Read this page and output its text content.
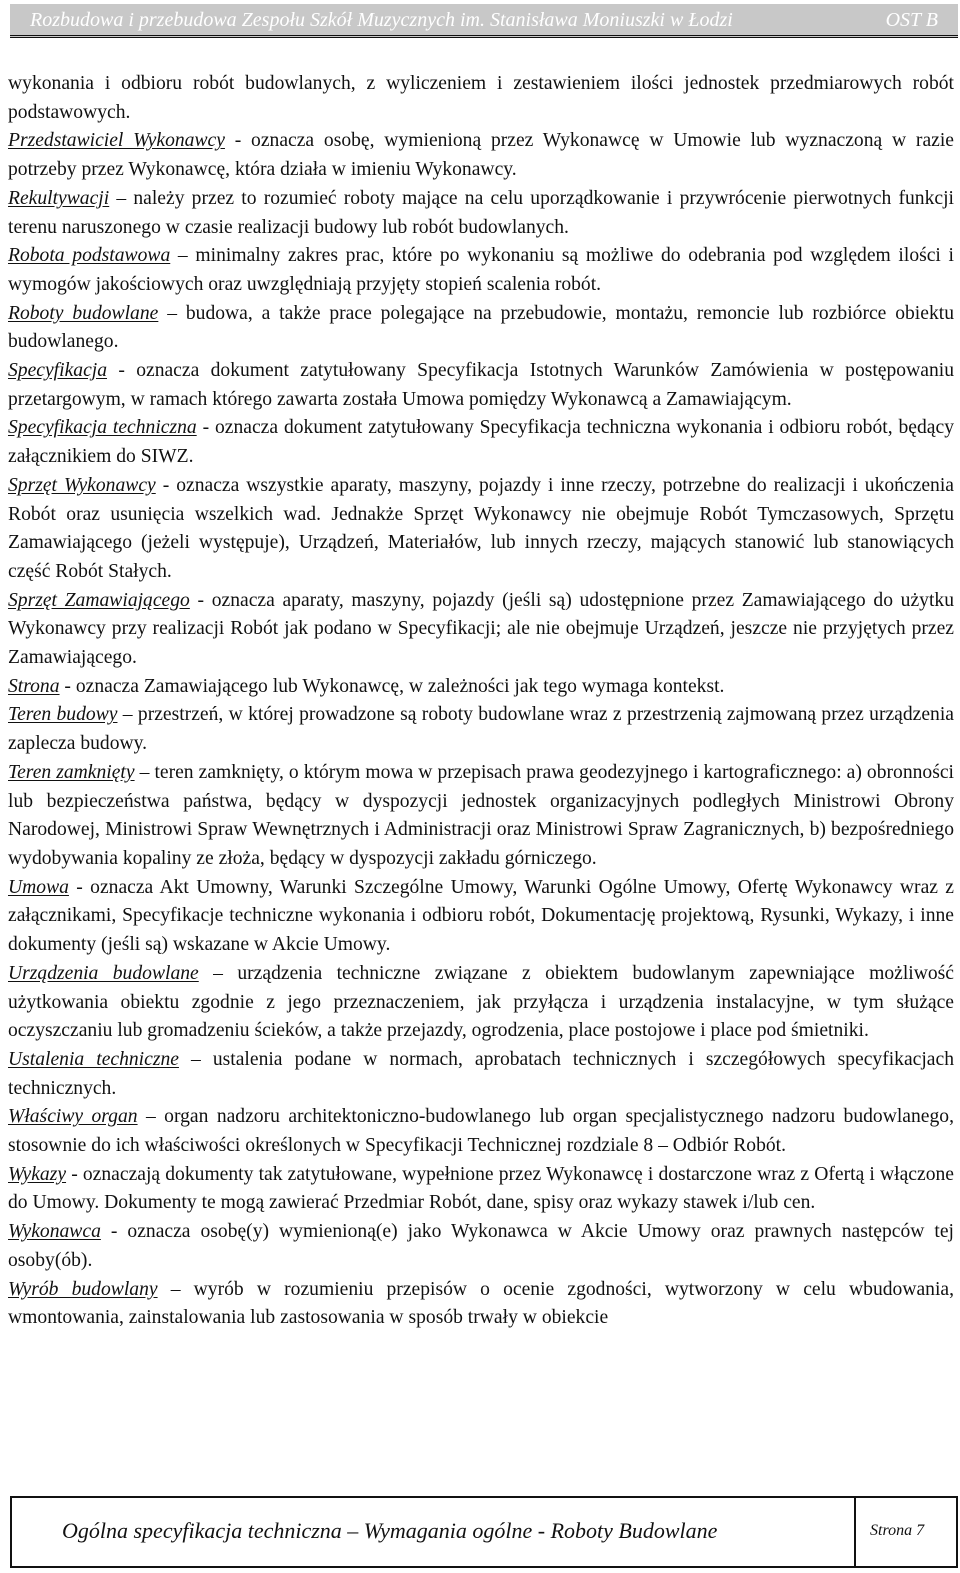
Rozbudowa i przebudowa Zespołu Szkół Muzycznych im. Stanisława Moniuszki w Łodzi	OST B

wykonania i odbioru robót budowlanych, z wyliczeniem i zestawieniem ilości jednostek przedmiarowych robót podstawowych.

Przedstawiciel Wykonawcy - oznacza osobę, wymienioną przez Wykonawcę w Umowie lub wyznaczoną w razie potrzeby przez Wykonawcę, która działa w imieniu Wykonawcy.

Rekultywacji – należy przez to rozumieć roboty mające na celu uporządkowanie i przywrócenie pierwotnych funkcji terenu naruszonego w czasie realizacji budowy lub robót budowlanych.

Robota podstawowa – minimalny zakres prac, które po wykonaniu są możliwe do odebrania pod względem ilości i wymogów jakościowych oraz uwzględniają przyjęty stopień scalenia robót.

Roboty budowlane – budowa, a także prace polegające na przebudowie, montażu, remoncie lub rozbiórce obiektu budowlanego.

Specyfikacja - oznacza dokument zatytułowany Specyfikacja Istotnych Warunków Zamówienia w postępowaniu przetargowym, w ramach którego zawarta została Umowa pomiędzy Wykonawcą a Zamawiającym.

Specyfikacja techniczna - oznacza dokument zatytułowany Specyfikacja techniczna wykonania i odbioru robót, będący załącznikiem do SIWZ.

Sprzęt Wykonawcy - oznacza wszystkie aparaty, maszyny, pojazdy i inne rzeczy, potrzebne do realizacji i ukończenia Robót oraz usunięcia wszelkich wad. Jednakże Sprzęt Wykonawcy nie obejmuje Robót Tymczasowych, Sprzętu Zamawiającego (jeżeli występuje), Urządzeń, Materiałów, lub innych rzeczy, mających stanowić lub stanowiących część Robót Stałych.

Sprzęt Zamawiającego - oznacza aparaty, maszyny, pojazdy (jeśli są) udostępnione przez Zamawiającego do użytku Wykonawcy przy realizacji Robót jak podano w Specyfikacji; ale nie obejmuje Urządzeń, jeszcze nie przyjętych przez Zamawiającego.

Strona - oznacza Zamawiającego lub Wykonawcę, w zależności jak tego wymaga kontekst.

Teren budowy – przestrzeń, w której prowadzone są roboty budowlane wraz z przestrzenią zajmowaną przez urządzenia zaplecza budowy.

Teren zamknięty – teren zamknięty, o którym mowa w przepisach prawa geodezyjnego i kartograficznego: a) obronności lub bezpieczeństwa państwa, będący w dyspozycji jednostek organizacyjnych podległych Ministrowi Obrony Narodowej, Ministrowi Spraw Wewnętrznych i Administracji oraz Ministrowi Spraw Zagranicznych, b) bezpośredniego wydobywania kopaliny ze złoża, będący w dyspozycji zakładu górniczego.

Umowa - oznacza Akt Umowny, Warunki Szczególne Umowy, Warunki Ogólne Umowy, Ofertę Wykonawcy wraz z załącznikami, Specyfikacje techniczne wykonania i odbioru robót, Dokumentację projektową, Rysunki, Wykazy, i inne dokumenty (jeśli są) wskazane w Akcie Umowy.

Urządzenia budowlane – urządzenia techniczne związane z obiektem budowlanym zapewniające możliwość użytkowania obiektu zgodnie z jego przeznaczeniem, jak przyłącza i urządzenia instalacyjne, w tym służące oczyszczaniu lub gromadzeniu ścieków, a także przejazdy, ogrodzenia, place postojowe i place pod śmietniki.

Ustalenia techniczne – ustalenia podane w normach, aprobatach technicznych i szczegółowych specyfikacjach technicznych.

Właściwy organ – organ nadzoru architektoniczno-budowlanego lub organ specjalistycznego nadzoru budowlanego, stosownie do ich właściwości określonych w Specyfikacji Technicznej rozdziale 8 – Odbiór Robót.

Wykazy - oznaczają dokumenty tak zatytułowane, wypełnione przez Wykonawcę i dostarczone wraz z Ofertą i włączone do Umowy. Dokumenty te mogą zawierać Przedmiar Robót, dane, spisy oraz wykazy stawek i/lub cen.

Wykonawca - oznacza osobę(y) wymienioną(e) jako Wykonawca w Akcie Umowy oraz prawnych następców tej osoby(ób).

Wyrób budowlany – wyrób w rozumieniu przepisów o ocenie zgodności, wytworzony w celu wbudowania, wmontowania, zainstalowania lub zastosowania w sposób trwały w obiekcie

Ogólna specyfikacja techniczna – Wymagania ogólne - Roboty Budowlane	Strona 7
